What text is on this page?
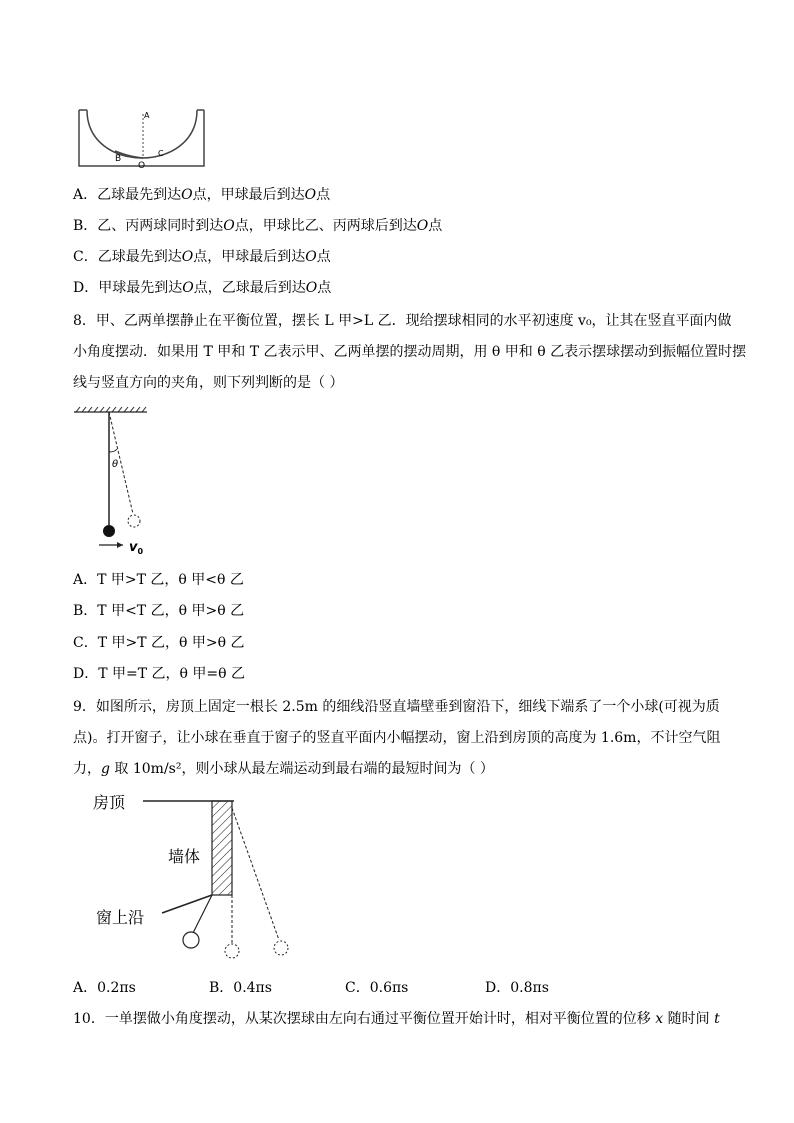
A
B
O
C
A．乙球最先到达O点，甲球最后到达O点
B．乙、丙两球同时到达O点，甲球比乙、丙两球后到达O点
C．乙球最先到达O点，甲球最后到达O点
D．甲球最先到达O点，乙球最后到达O点
8．甲、乙两单摆静止在平衡位置，摆长 L 甲>L 乙．现给摆球相同的水平初速度 v₀，让其在竖直平面内做
小角度摆动．如果用 T 甲和 T 乙表示甲、乙两单摆的摆动周期，用 θ 甲和 θ 乙表示摆球摆动到振幅位置时摆
线与竖直方向的夹角，则下列判断的是（ ）
θ
$v_0$
A．T 甲>T 乙，θ 甲<θ 乙
B．T 甲<T 乙，θ 甲>θ 乙
C．T 甲>T 乙，θ 甲>θ 乙
D．T 甲=T 乙，θ 甲=θ 乙
9．如图所示，房顶上固定一根长 2.5m 的细线沿竖直墙壁垂到窗沿下，细线下端系了一个小球(可视为质
点)。打开窗子，让小球在垂直于窗子的竖直平面内小幅摆动，窗上沿到房顶的高度为 1.6m，不计空气阻
力，g 取 10m/s²，则小球从最左端运动到最右端的最短时间为（ ）
房顶
墙体
窗上沿
A．0.2πs	B．0.4πs	C．0.6πs	D．0.8πs
10．一单摆做小角度摆动，从某次摆球由左向右通过平衡位置开始计时，相对平衡位置的位移 x 随时间 t
